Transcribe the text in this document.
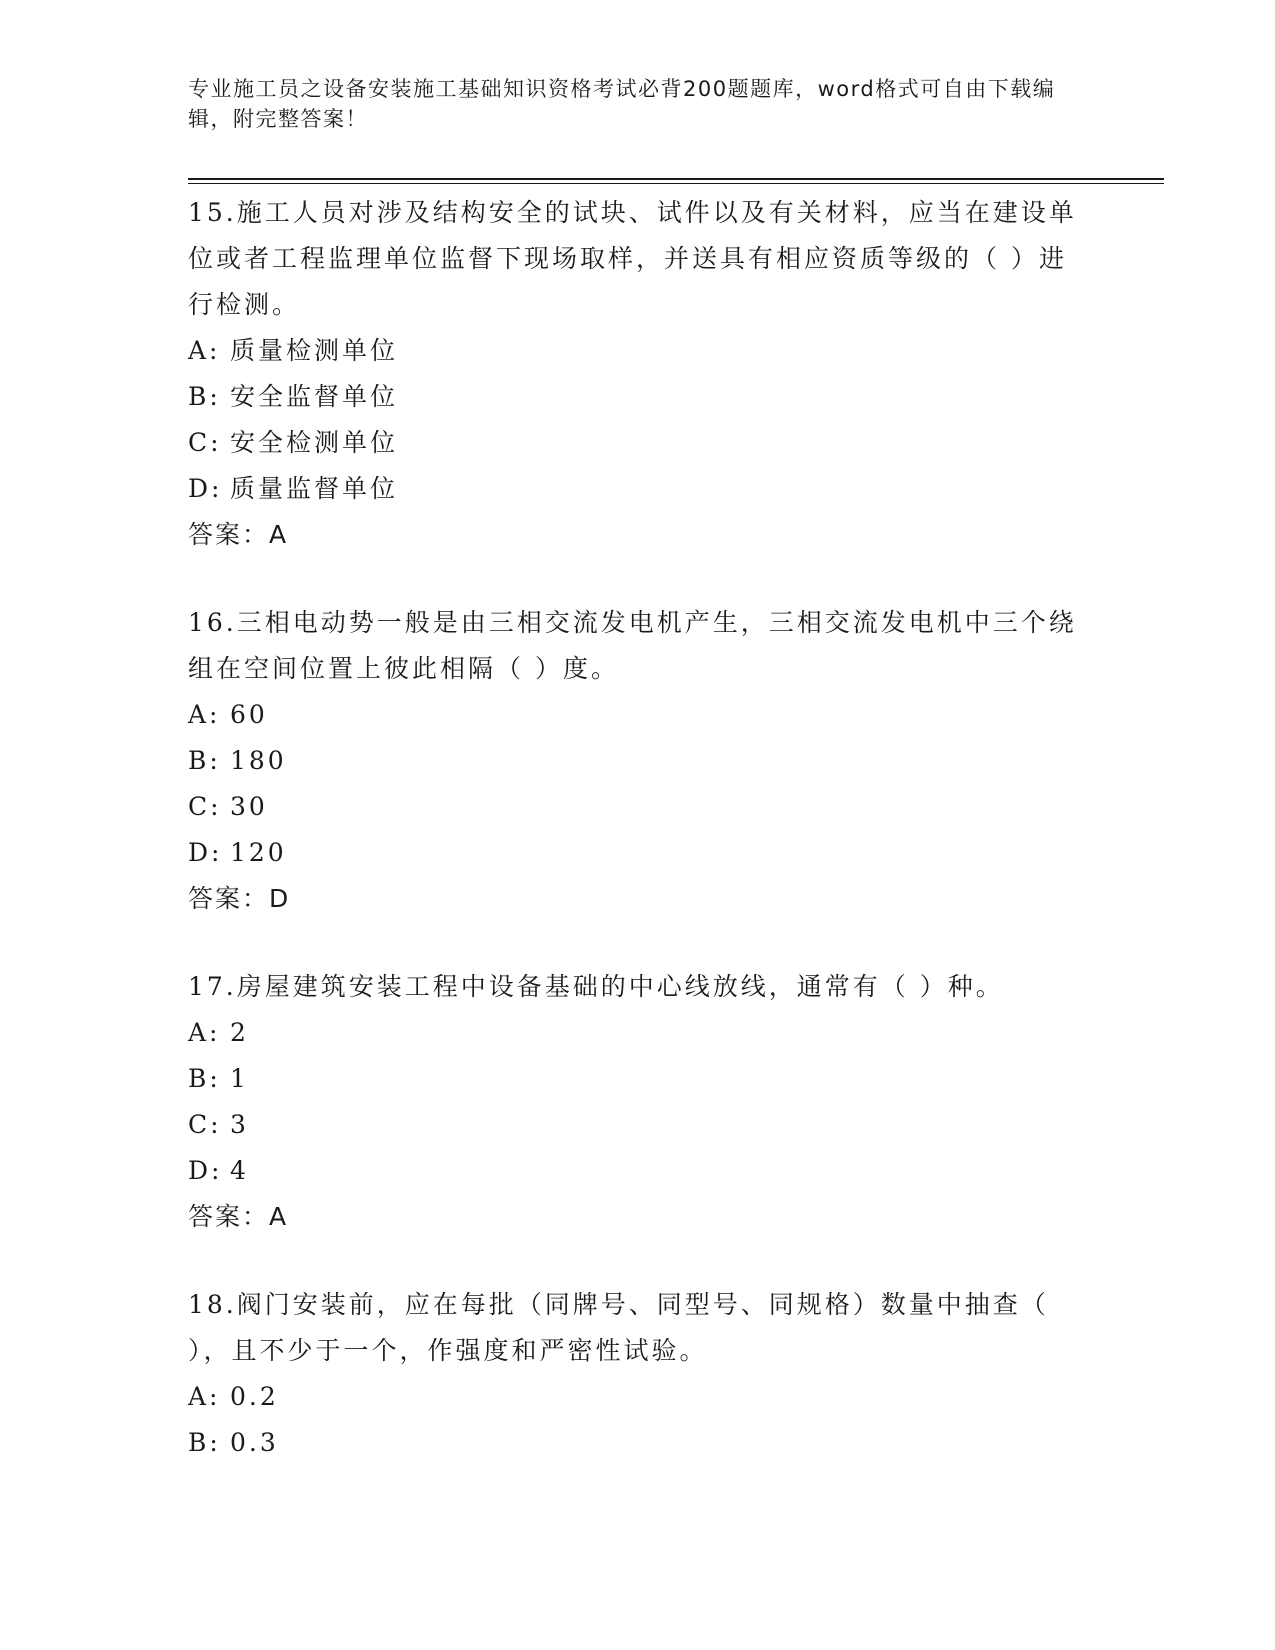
专业施工员之设备安装施工基础知识资格考试必背200题题库，word格式可自由下载编辑，附完整答案！

15.施工人员对涉及结构安全的试块、试件以及有关材料，应当在建设单位或者工程监理单位监督下现场取样，并送具有相应资质等级的（ ）进行检测。

A: 质量检测单位
B: 安全监督单位
C: 安全检测单位
D: 质量监督单位
答案：A

16.三相电动势一般是由三相交流发电机产生，三相交流发电机中三个绕组在空间位置上彼此相隔（ ）度。

A: 60
B: 180
C: 30
D: 120
答案：D

17.房屋建筑安装工程中设备基础的中心线放线，通常有（ ）种。

A: 2
B: 1
C: 3
D: 4
答案：A

18.阀门安装前，应在每批（同牌号、同型号、同规格）数量中抽查（ ），且不少于一个，作强度和严密性试验。

A: 0.2
B: 0.3
